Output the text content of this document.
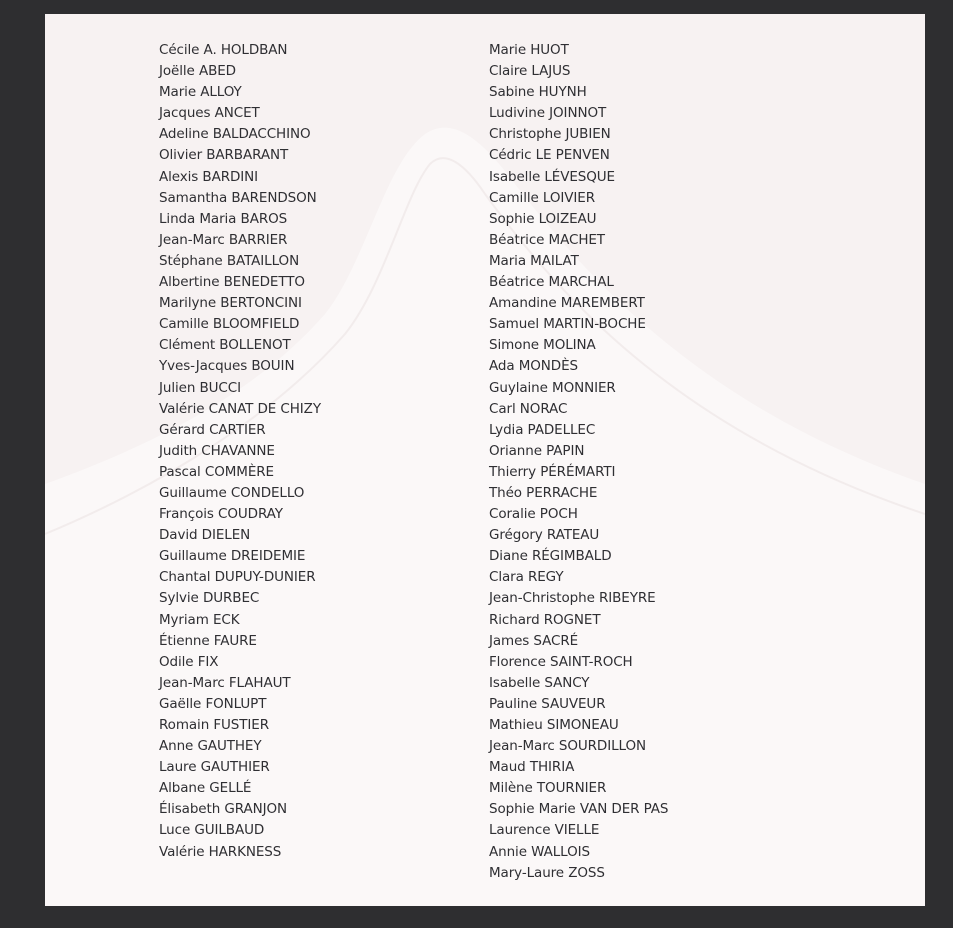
Cécile A. HOLDBAN
Joëlle ABED
Marie ALLOY
Jacques ANCET
Adeline BALDACCHINO
Olivier BARBARANT
Alexis BARDINI
Samantha BARENDSON
Linda Maria BAROS
Jean-Marc BARRIER
Stéphane BATAILLON
Albertine BENEDETTO
Marilyne BERTONCINI
Camille BLOOMFIELD
Clément BOLLENOT
Yves-Jacques BOUIN
Julien BUCCI
Valérie CANAT DE CHIZY
Gérard CARTIER
Judith CHAVANNE
Pascal COMMÈRE
Guillaume CONDELLO
François COUDRAY
David DIELEN
Guillaume DREIDEMIE
Chantal DUPUY-DUNIER
Sylvie DURBEC
Myriam ECK
Étienne FAURE
Odile FIX
Jean-Marc FLAHAUT
Gaëlle FONLUPT
Romain FUSTIER
Anne GAUTHEY
Laure GAUTHIER
Albane GELLÉ
Élisabeth GRANJON
Luce GUILBAUD
Valérie HARKNESS
Marie HUOT
Claire LAJUS
Sabine HUYNH
Ludivine JOINNOT
Christophe JUBIEN
Cédric LE PENVEN
Isabelle LÉVESQUE
Camille LOIVIER
Sophie LOIZEAU
Béatrice MACHET
Maria MAILAT
Béatrice MARCHAL
Amandine MAREMBERT
Samuel MARTIN-BOCHE
Simone MOLINA
Ada MONDÈS
Guylaine MONNIER
Carl NORAC
Lydia PADELLEC
Orianne PAPIN
Thierry PÉRÉMARTI
Théo PERRACHE
Coralie POCH
Grégory RATEAU
Diane RÉGIMBALD
Clara REGY
Jean-Christophe RIBEYRE
Richard ROGNET
James SACRÉ
Florence SAINT-ROCH
Isabelle SANCY
Pauline SAUVEUR
Mathieu SIMONEAU
Jean-Marc SOURDILLON
Maud THIRIA
Milène TOURNIER
Sophie Marie VAN DER PAS
Laurence VIELLE
Annie WALLOIS
Mary-Laure ZOSS
